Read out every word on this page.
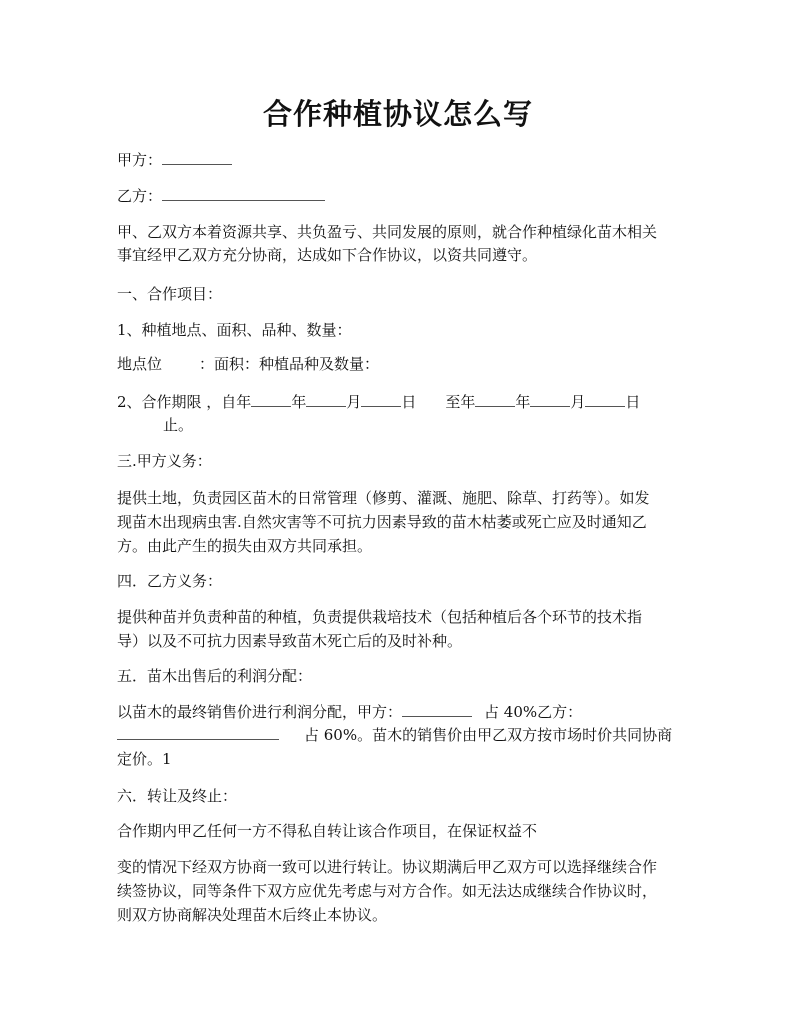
合作种植协议怎么写
甲方：
乙方：
甲、乙双方本着资源共享、共负盈亏、共同发展的原则，就合作种植绿化苗木相关
事宜经甲乙双方充分协商，达成如下合作协议，以资共同遵守。
一、合作项目：
1、种植地点、面积、品种、数量：
地点位 ：面积：种植品种及数量：
2、合作期限 ，自年	年	月	日 至年	年	月	日
止。
三.甲方义务：
提供土地，负责园区苗木的日常管理（修剪、灌溉、施肥、除草、打药等）。如发
现苗木出现病虫害.自然灾害等不可抗力因素导致的苗木枯萎或死亡应及时通知乙
方。由此产生的损失由双方共同承担。
四．乙方义务：
提供种苗并负责种苗的种植，负责提供栽培技术（包括种植后各个环节的技术指
导）以及不可抗力因素导致苗木死亡后的及时补种。
五．苗木出售后的利润分配：
以苗木的最终销售价进行利润分配，甲方：	占 40%乙方：
占 60%。苗木的销售价由甲乙双方按市场时价共同协商
定价。1
六．转让及终止：
合作期内甲乙任何一方不得私自转让该合作项目，在保证权益不
变的情况下经双方协商一致可以进行转让。协议期满后甲乙双方可以选择继续合作
续签协议，同等条件下双方应优先考虑与对方合作。如无法达成继续合作协议时，
则双方协商解决处理苗木后终止本协议。
